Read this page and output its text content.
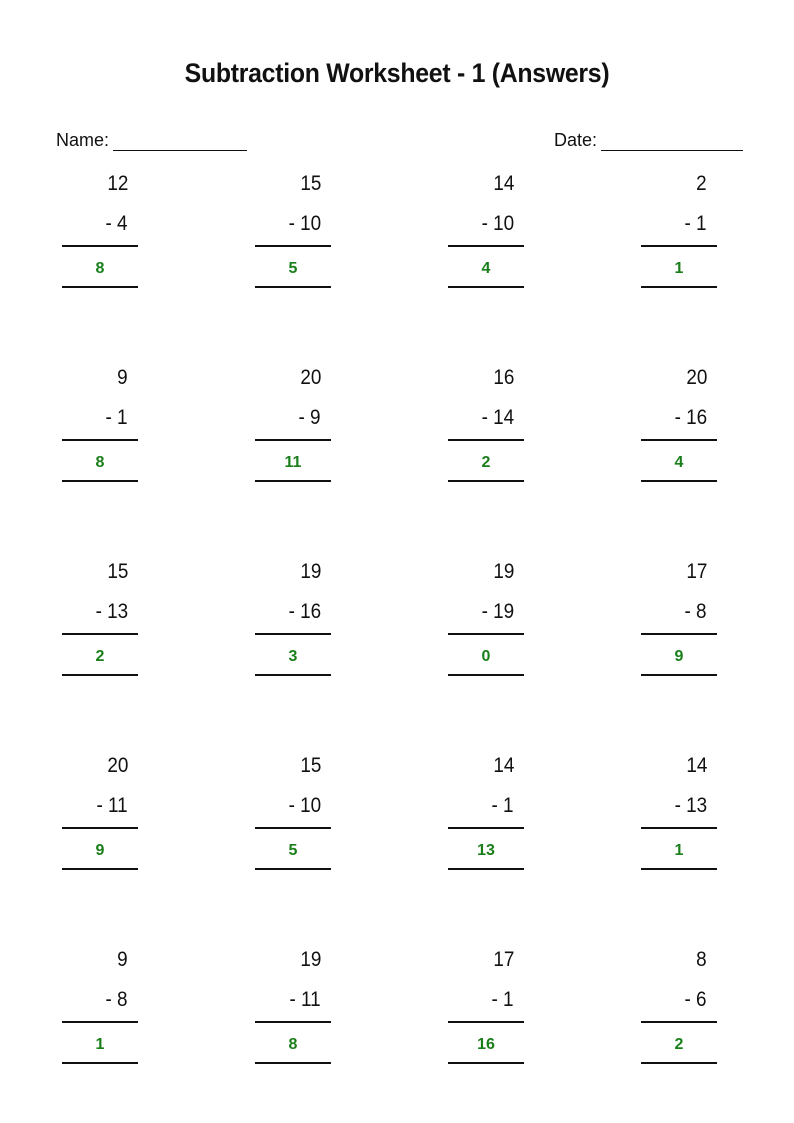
Subtraction Worksheet - 1 (Answers)
Name:	Date:
12
- 4
8
15
- 10
5
14
- 10
4
2
- 1
1
9
- 1
8
20
- 9
11
16
- 14
2
20
- 16
4
15
- 13
2
19
- 16
3
19
- 19
0
17
- 8
9
20
- 11
9
15
- 10
5
14
- 1
13
14
- 13
1
9
- 8
1
19
- 11
8
17
- 1
16
8
- 6
2
